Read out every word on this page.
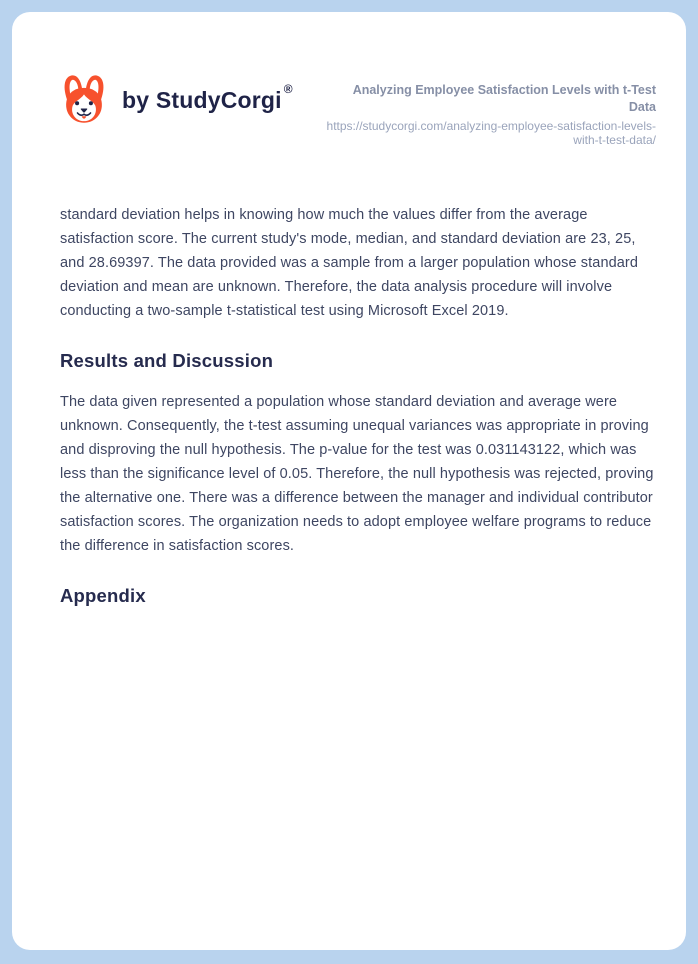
by StudyCorgi ®	Analyzing Employee Satisfaction Levels with t-Test Data
https://studycorgi.com/analyzing-employee-satisfaction-levels-with-t-test-data/

standard deviation helps in knowing how much the values differ from the average satisfaction score. The current study's mode, median, and standard deviation are 23, 25, and 28.69397. The data provided was a sample from a larger population whose standard deviation and mean are unknown. Therefore, the data analysis procedure will involve conducting a two-sample t-statistical test using Microsoft Excel 2019.

Results and Discussion

The data given represented a population whose standard deviation and average were unknown. Consequently, the t-test assuming unequal variances was appropriate in proving and disproving the null hypothesis. The p-value for the test was 0.031143122, which was less than the significance level of 0.05. Therefore, the null hypothesis was rejected, proving the alternative one. There was a difference between the manager and individual contributor satisfaction scores. The organization needs to adopt employee welfare programs to reduce the difference in satisfaction scores.

Appendix
